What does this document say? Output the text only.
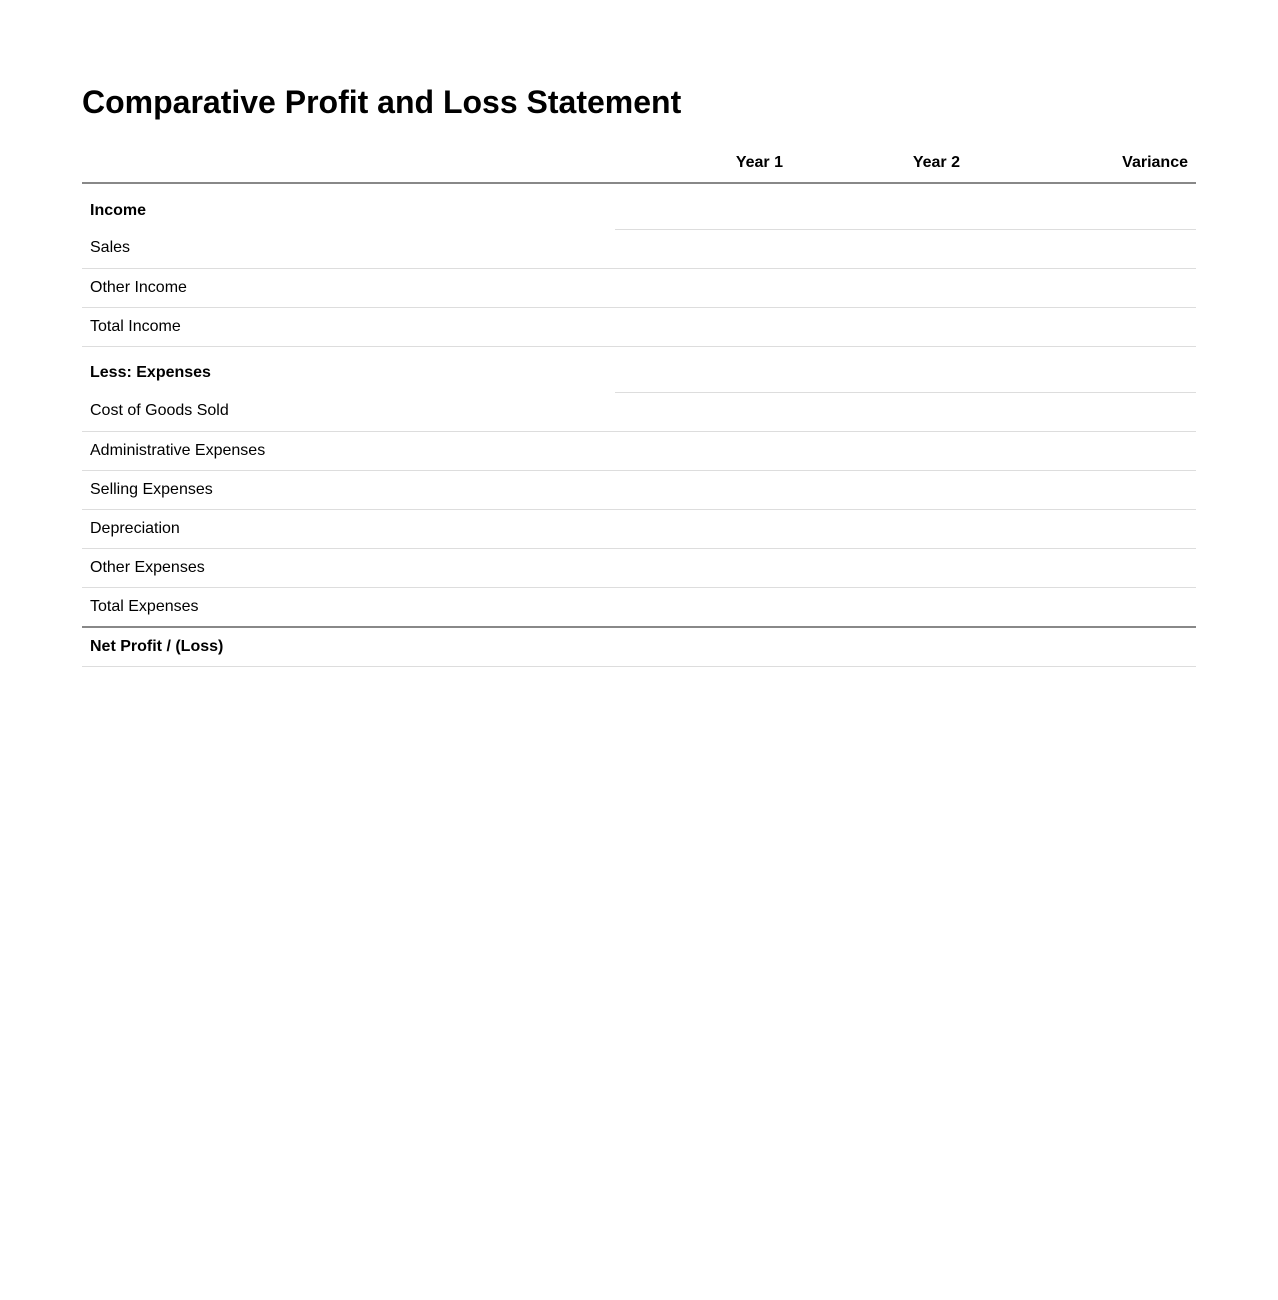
Comparative Profit and Loss Statement
	Year 1	Year 2	Variance
Income			
Sales			
Other Income			
Total Income			
Less: Expenses			
Cost of Goods Sold			
Administrative Expenses			
Selling Expenses			
Depreciation			
Other Expenses			
Total Expenses			
Net Profit / (Loss)			
